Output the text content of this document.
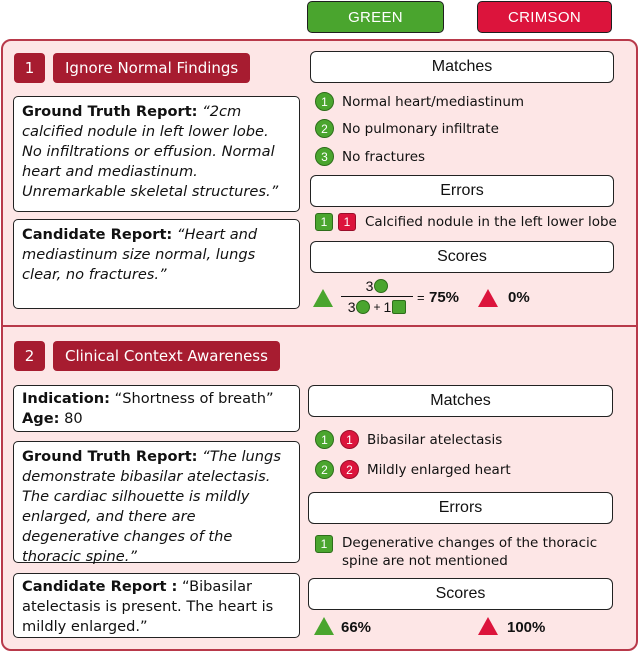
GREEN	CRIMSON
1	Ignore Normal Findings
Ground Truth Report: “2cm calcified nodule in left lower lobe. No infiltrations or effusion. Normal heart and mediastinum. Unremarkable skeletal structures.”
Candidate Report: “Heart and mediastinum size normal, lungs clear, no fractures.”
Matches
1	Normal heart/mediastinum
2	No pulmonary infiltrate
3	No fractures
Errors
1	1	Calcified nodule in the left lower lobe
Scores
3
3 + 1
= 75%	0%
2	Clinical Context Awareness
Indication: “Shortness of breath”
Age: 80
Ground Truth Report: “The lungs demonstrate bibasilar atelectasis. The cardiac silhouette is mildly enlarged, and there are degenerative changes of the thoracic spine.”
Candidate Report : “Bibasilar atelectasis is present. The heart is mildly enlarged.”
Matches
1	1	Bibasilar atelectasis
2	2	Mildly enlarged heart
Errors
1	Degenerative changes of the thoracic spine are not mentioned
Scores
66%	100%
